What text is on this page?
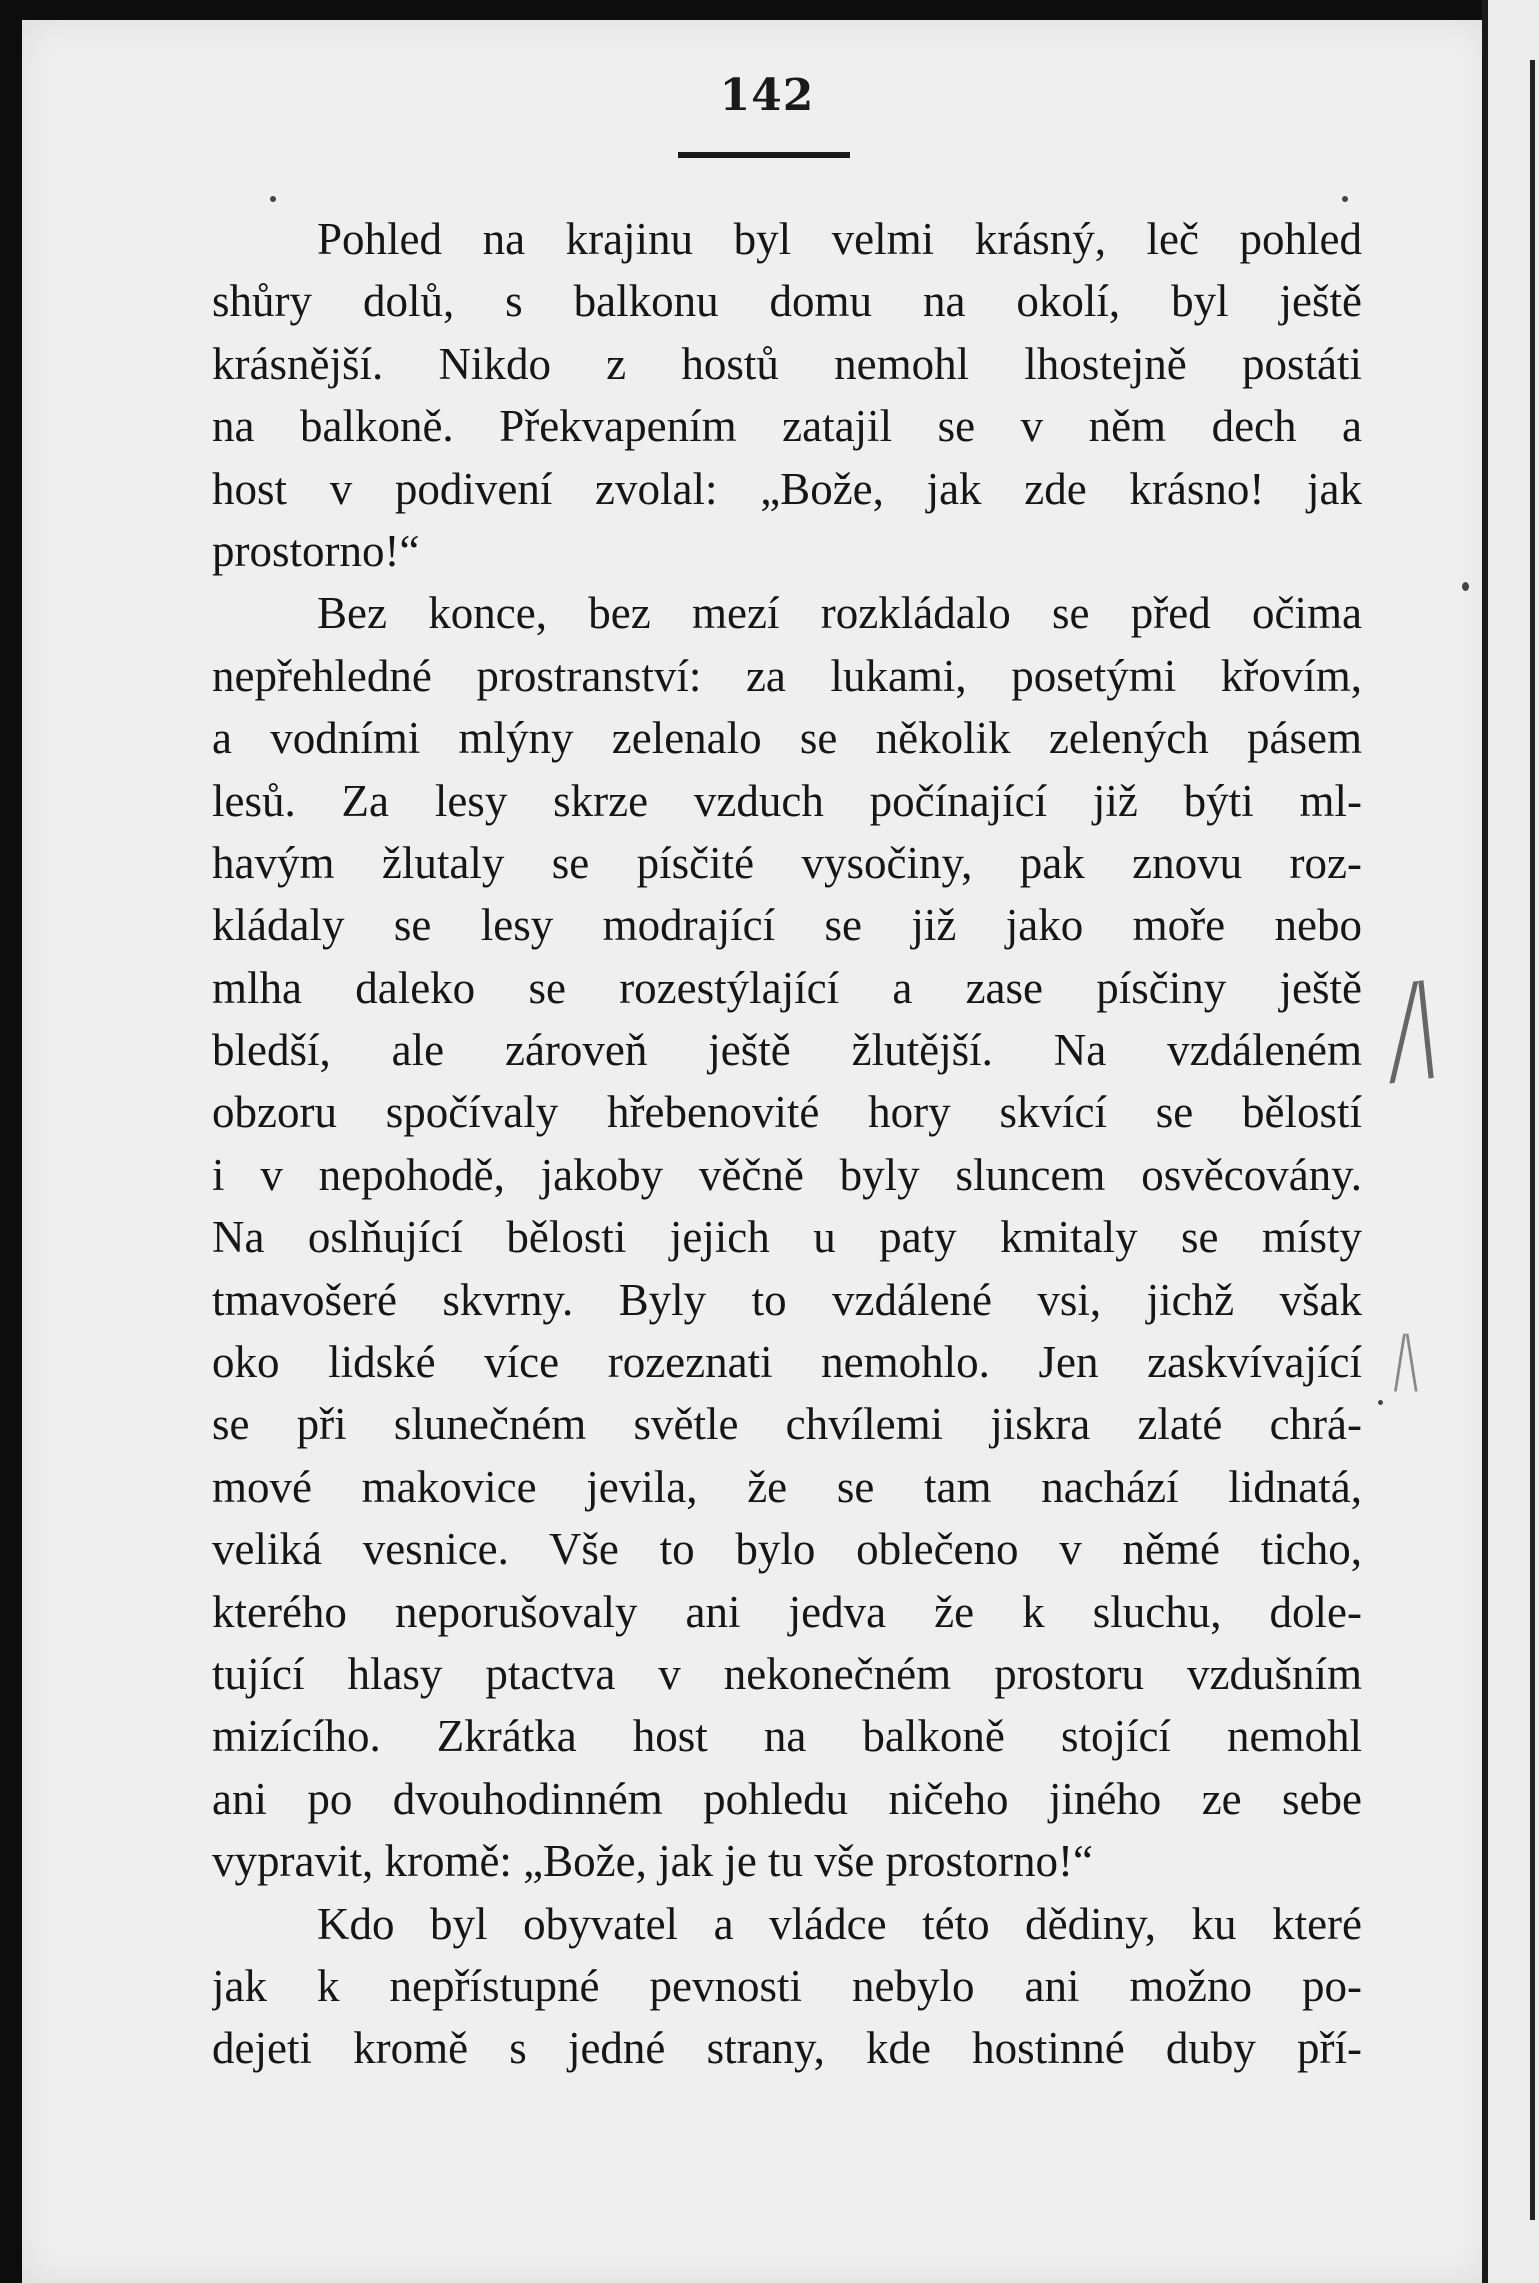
142
Pohled na krajinu byl velmi krásný, leč pohled
shůry dolů, s balkonu domu na okolí, byl ještě
krásnější. Nikdo z hostů nemohl lhostejně postáti
na balkoně. Překvapením zatajil se v něm dech a
host v podivení zvolal: „Bože, jak zde krásno! jak
prostorno!“
Bez konce, bez mezí rozkládalo se před očima
nepřehledné prostranství: za lukami, posetými křovím,
a vodními mlýny zelenalo se několik zelených pásem
lesů. Za lesy skrze vzduch počínající již býti ml-
havým žlutaly se písčité vysočiny, pak znovu roz-
kládaly se lesy modrající se již jako moře nebo
mlha daleko se rozestýlající a zase písčiny ještě
bledší, ale zároveň ještě žlutější. Na vzdáleném
obzoru spočívaly hřebenovité hory skvící se bělostí
i v nepohodě, jakoby věčně byly sluncem osvěcovány.
Na oslňující bělosti jejich u paty kmitaly se místy
tmavošeré skvrny. Byly to vzdálené vsi, jichž však
oko lidské více rozeznati nemohlo. Jen zaskvívající
se při slunečném světle chvílemi jiskra zlaté chrá-
mové makovice jevila, že se tam nachází lidnatá,
veliká vesnice. Vše to bylo oblečeno v němé ticho,
kterého neporušovaly ani jedva že k sluchu, dole-
tující hlasy ptactva v nekonečném prostoru vzdušním
mizícího. Zkrátka host na balkoně stojící nemohl
ani po dvouhodinném pohledu ničeho jiného ze sebe
vypravit, kromě: „Bože, jak je tu vše prostorno!“
Kdo byl obyvatel a vládce této dědiny, ku které
jak k nepřístupné pevnosti nebylo ani možno po-
dejeti kromě s jedné strany, kde hostinné duby pří-
/\
/\
